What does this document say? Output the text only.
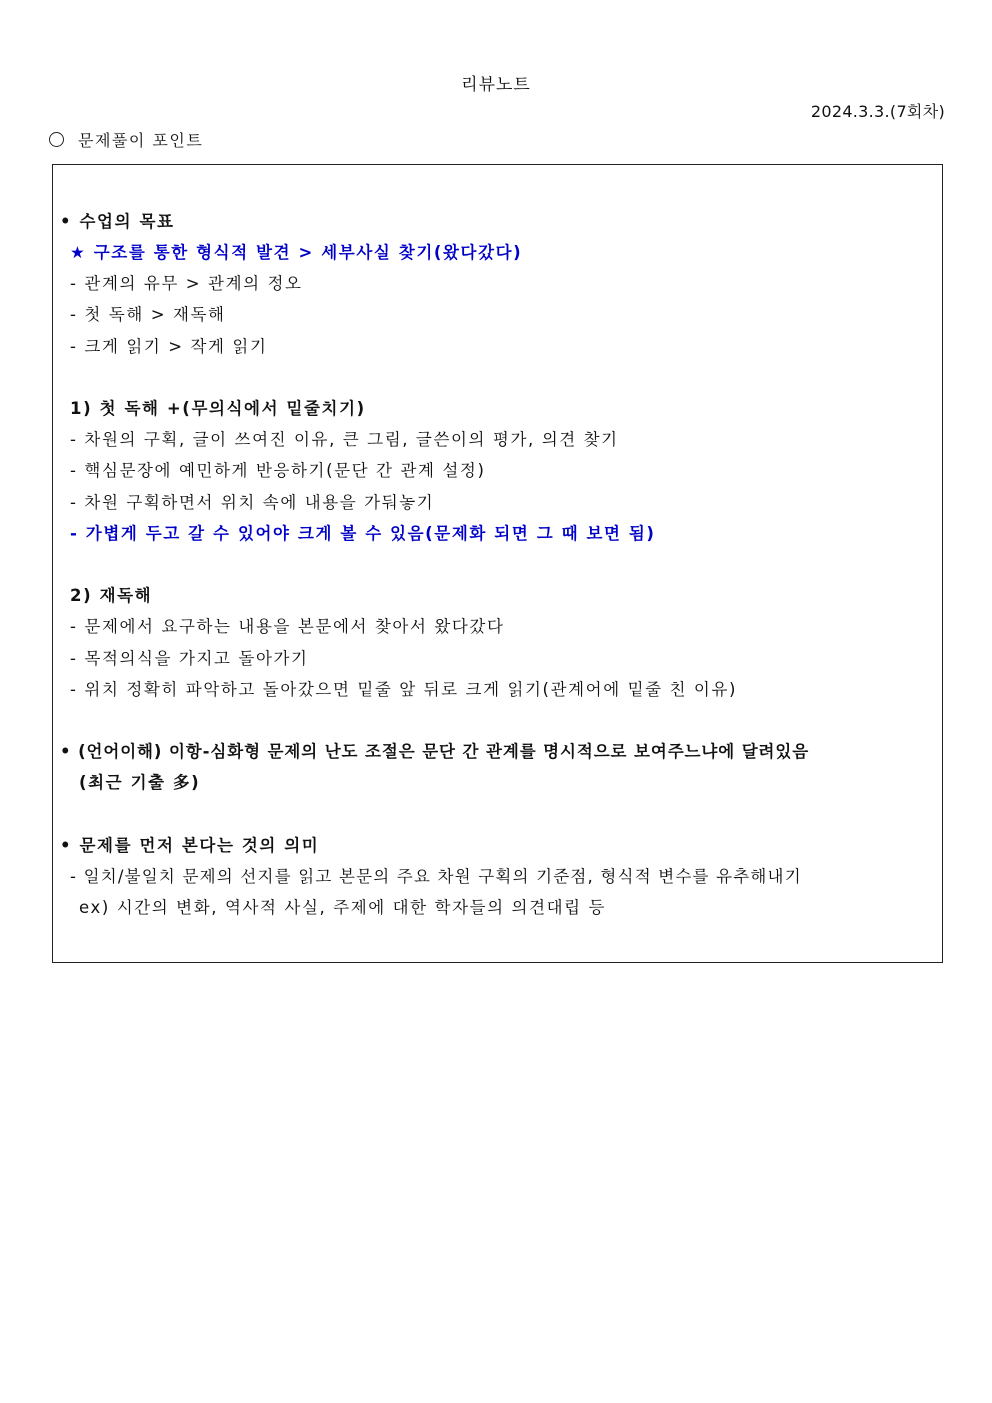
리뷰노트
2024.3.3.(7회차)
문제풀이 포인트
• 수업의 목표
★ 구조를 통한 형식적 발견 > 세부사실 찾기(왔다갔다)
- 관계의 유무 > 관계의 정오
- 첫 독해 > 재독해
- 크게 읽기 > 작게 읽기
1) 첫 독해 +(무의식에서 밑줄치기)
- 차원의 구획, 글이 쓰여진 이유, 큰 그림, 글쓴이의 평가, 의견 찾기
- 핵심문장에 예민하게 반응하기(문단 간 관계 설정)
- 차원 구획하면서 위치 속에 내용을 가둬놓기
- 가볍게 두고 갈 수 있어야 크게 볼 수 있음(문제화 되면 그 때 보면 됨)
2) 재독해
- 문제에서 요구하는 내용을 본문에서 찾아서 왔다갔다
- 목적의식을 가지고 돌아가기
- 위치 정확히 파악하고 돌아갔으면 밑줄 앞 뒤로 크게 읽기(관계어에 밑줄 친 이유)
• (언어이해) 이항-심화형 문제의 난도 조절은 문단 간 관계를 명시적으로 보여주느냐에 달려있음
(최근 기출 多)
• 문제를 먼저 본다는 것의 의미
- 일치/불일치 문제의 선지를 읽고 본문의 주요 차원 구획의 기준점, 형식적 변수를 유추해내기
ex) 시간의 변화, 역사적 사실, 주제에 대한 학자들의 의견대립 등
